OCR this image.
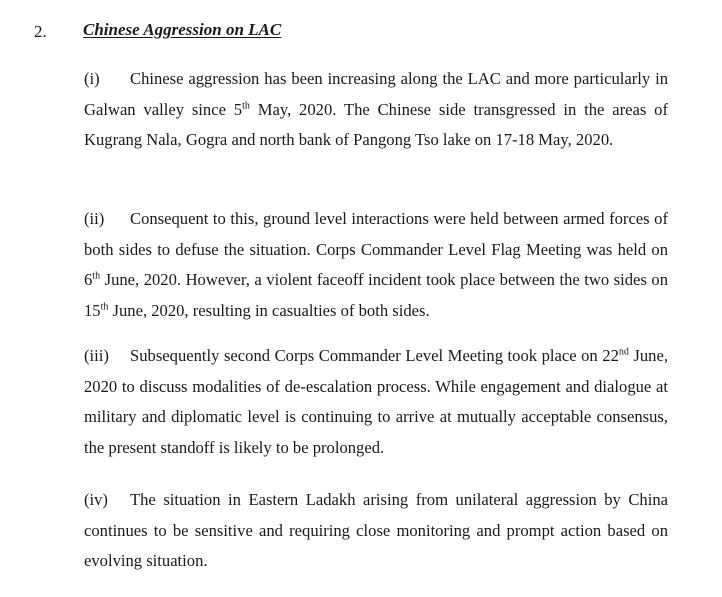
2. Chinese Aggression on LAC

(i) Chinese aggression has been increasing along the LAC and more particularly in Galwan valley since 5th May, 2020. The Chinese side transgressed in the areas of Kugrang Nala, Gogra and north bank of Pangong Tso lake on 17-18 May, 2020.

(ii) Consequent to this, ground level interactions were held between armed forces of both sides to defuse the situation. Corps Commander Level Flag Meeting was held on 6th June, 2020. However, a violent faceoff incident took place between the two sides on 15th June, 2020, resulting in casualties of both sides.

(iii) Subsequently second Corps Commander Level Meeting took place on 22nd June, 2020 to discuss modalities of de-escalation process. While engagement and dialogue at military and diplomatic level is continuing to arrive at mutually acceptable consensus, the present standoff is likely to be prolonged.

(iv) The situation in Eastern Ladakh arising from unilateral aggression by China continues to be sensitive and requiring close monitoring and prompt action based on evolving situation.
